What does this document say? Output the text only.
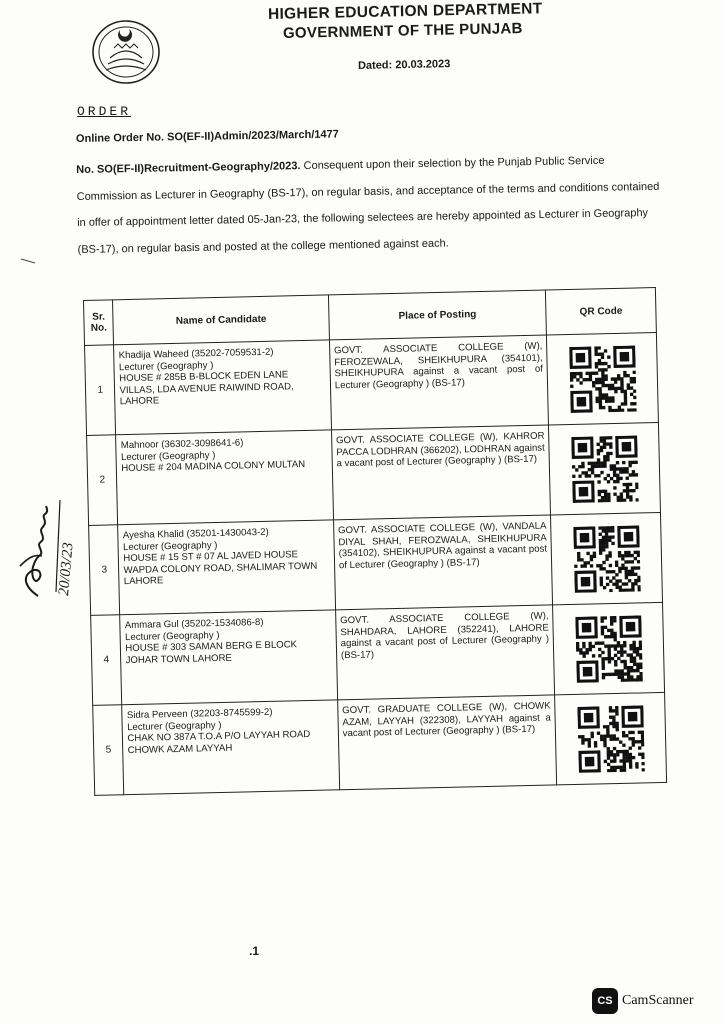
HIGHER EDUCATION DEPARTMENT
GOVERNMENT OF THE PUNJAB
Dated: 20.03.2023
ORDER
Online Order No. SO(EF-II)Admin/2023/March/1477
No. SO(EF-II)Recruitment-Geography/2023. Consequent upon their selection by the Punjab Public Service Commission as Lecturer in Geography (BS-17), on regular basis, and acceptance of the terms and conditions contained in offer of appointment letter dated 05-Jan-23, the following selectees are hereby appointed as Lecturer in Geography (BS-17), on regular basis and posted at the college mentioned against each.
Sr. No.	Name of Candidate	Place of Posting	QR Code
1	Khadija Waheed (35202-7059531-2)
Lecturer (Geography )
HOUSE # 285B B-BLOCK EDEN LANE VILLAS, LDA AVENUE RAIWIND ROAD, LAHORE	GOVT. ASSOCIATE COLLEGE (W), FEROZEWALA, SHEIKHUPURA (354101), SHEIKHUPURA against a vacant post of Lecturer (Geography ) (BS-17)	

2	Mahnoor (36302-3098641-6)
Lecturer (Geography )
HOUSE # 204 MADINA COLONY MULTAN	GOVT. ASSOCIATE COLLEGE (W), KAHROR PACCA LODHRAN (366202), LODHRAN against a vacant post of Lecturer (Geography ) (BS-17)	

3	Ayesha Khalid (35201-1430043-2)
Lecturer (Geography )
HOUSE # 15 ST # 07 AL JAVED HOUSE WAPDA COLONY ROAD, SHALIMAR TOWN LAHORE	GOVT. ASSOCIATE COLLEGE (W), VANDALA DIYAL SHAH, FEROZWALA, SHEIKHUPURA (354102), SHEIKHUPURA against a vacant post of Lecturer (Geography ) (BS-17)	

4	Ammara Gul (35202-1534086-8)
Lecturer (Geography )
HOUSE # 303 SAMAN BERG E BLOCK JOHAR TOWN LAHORE	GOVT. ASSOCIATE COLLEGE (W), SHAHDARA, LAHORE (352241), LAHORE against a vacant post of Lecturer (Geography ) (BS-17)	

5	Sidra Perveen (32203-8745599-2)
Lecturer (Geography )
CHAK NO 387A T.O.A P/O LAYYAH ROAD CHOWK AZAM LAYYAH	GOVT. GRADUATE COLLEGE (W), CHOWK AZAM, LAYYAH (322308), LAYYAH against a vacant post of Lecturer (Geography ) (BS-17)	
20/03/23
.1
CS CamScanner
